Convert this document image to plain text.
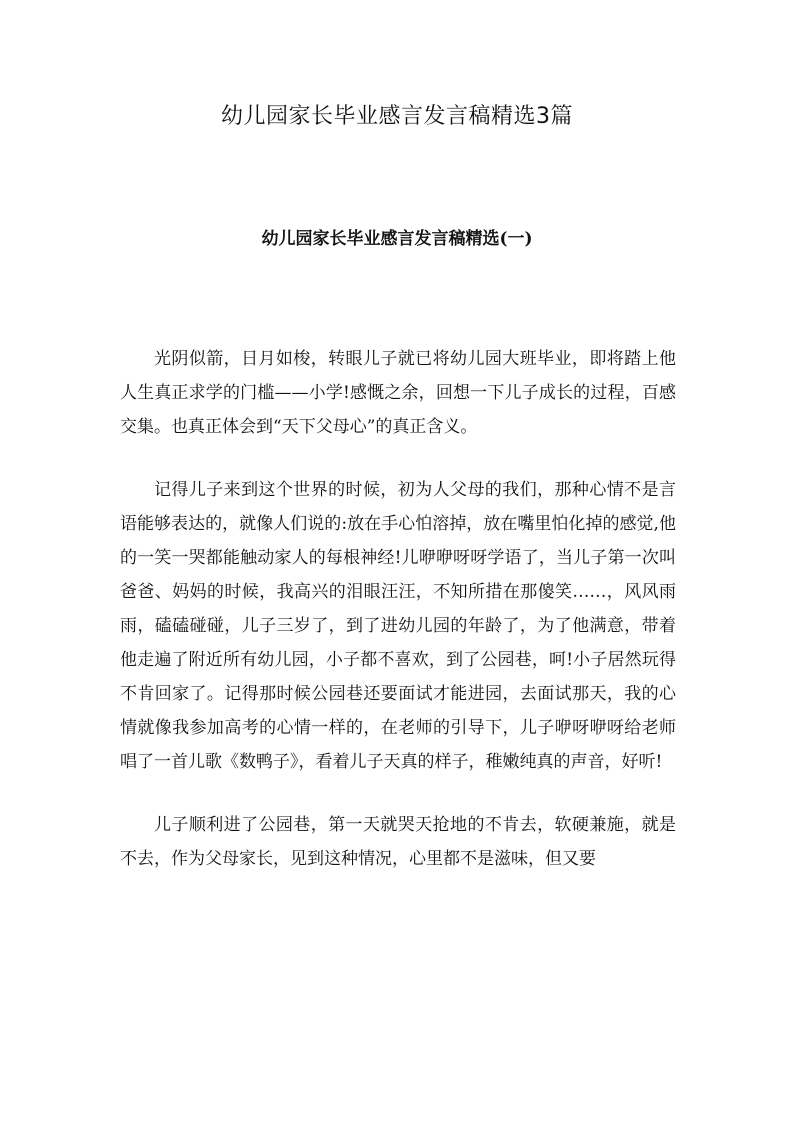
幼儿园家长毕业感言发言稿精选3篇
幼儿园家长毕业感言发言稿精选(一)

光阴似箭，日月如梭，转眼儿子就已将幼儿园大班毕业，即将踏上他人生真正求学的门槛——小学!感慨之余，回想一下儿子成长的过程，百感交集。也真正体会到“天下父母心”的真正含义。

记得儿子来到这个世界的时候，初为人父母的我们，那种心情不是言语能够表达的，就像人们说的:放在手心怕溶掉，放在嘴里怕化掉的感觉,他的一笑一哭都能触动家人的每根神经!儿咿咿呀呀学语了，当儿子第一次叫爸爸、妈妈的时候，我高兴的泪眼汪汪，不知所措在那傻笑……，风风雨雨，磕磕碰碰，儿子三岁了，到了进幼儿园的年龄了，为了他满意，带着他走遍了附近所有幼儿园，小子都不喜欢，到了公园巷，呵!小子居然玩得不肯回家了。记得那时候公园巷还要面试才能进园，去面试那天，我的心情就像我参加高考的心情一样的，在老师的引导下，儿子咿呀咿呀给老师唱了一首儿歌《数鸭子》，看着儿子天真的样子，稚嫩纯真的声音，好听!

儿子顺利进了公园巷，第一天就哭天抢地的不肯去，软硬兼施，就是不去，作为父母家长，见到这种情况，心里都不是滋味，但又要
